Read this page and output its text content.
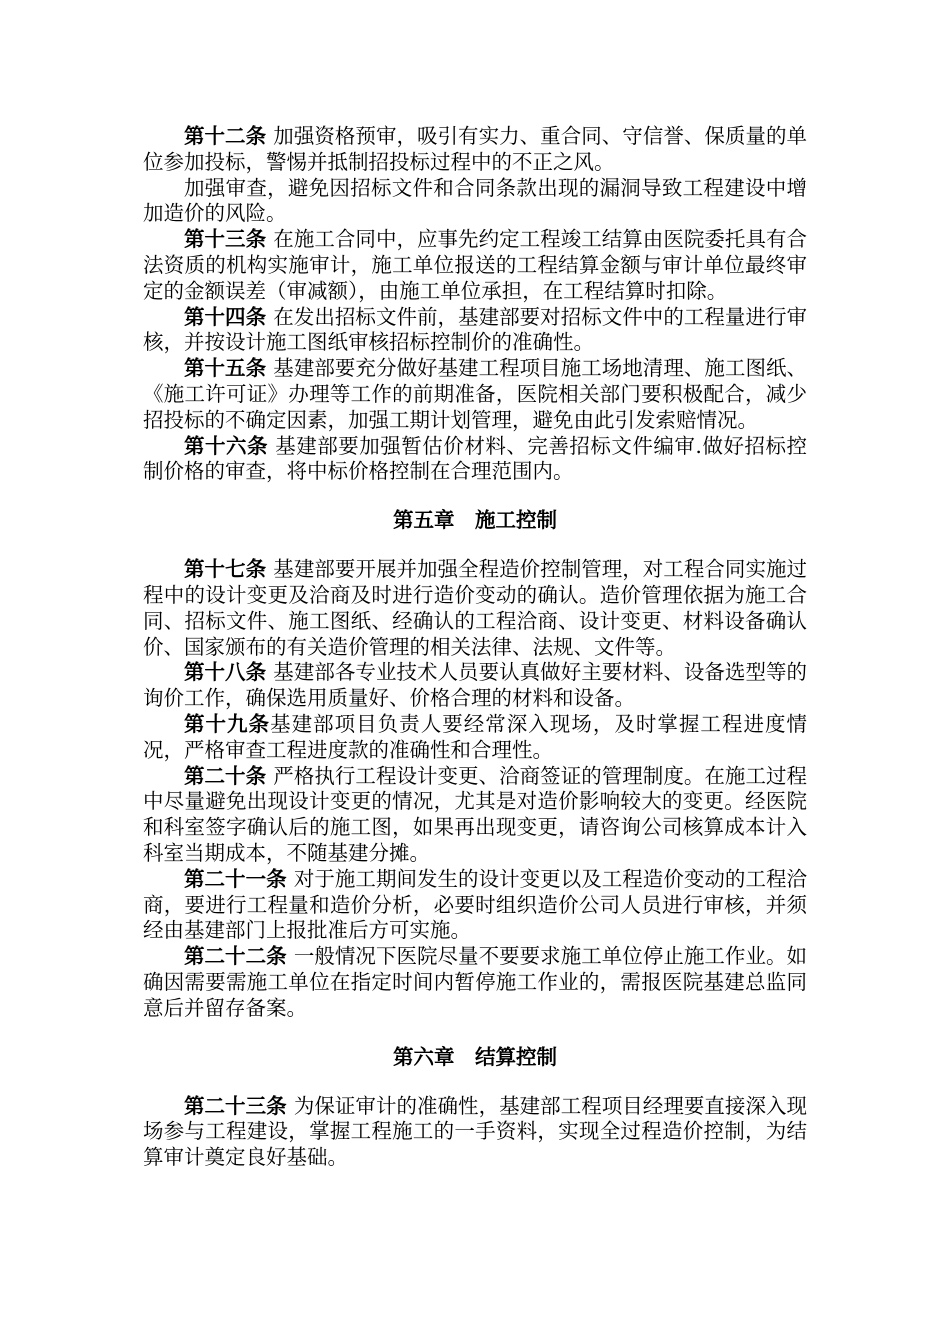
第十二条 加强资格预审，吸引有实力、重合同、守信誉、保质量的单位参加投标，警惕并抵制招投标过程中的不正之风。

加强审查，避免因招标文件和合同条款出现的漏洞导致工程建设中增加造价的风险。

第十三条 在施工合同中，应事先约定工程竣工结算由医院委托具有合法资质的机构实施审计，施工单位报送的工程结算金额与审计单位最终审定的金额误差（审减额），由施工单位承担，在工程结算时扣除。

第十四条 在发出招标文件前，基建部要对招标文件中的工程量进行审核，并按设计施工图纸审核招标控制价的准确性。

第十五条 基建部要充分做好基建工程项目施工场地清理、施工图纸、《施工许可证》办理等工作的前期准备，医院相关部门要积极配合，减少招投标的不确定因素，加强工期计划管理，避免由此引发索赔情况。

第十六条 基建部要加强暂估价材料、完善招标文件编审.做好招标控制价格的审查，将中标价格控制在合理范围内。

第五章 施工控制

第十七条 基建部要开展并加强全程造价控制管理，对工程合同实施过程中的设计变更及洽商及时进行造价变动的确认。造价管理依据为施工合同、招标文件、施工图纸、经确认的工程洽商、设计变更、材料设备确认价、国家颁布的有关造价管理的相关法律、法规、文件等。

第十八条 基建部各专业技术人员要认真做好主要材料、设备选型等的询价工作，确保选用质量好、价格合理的材料和设备。

第十九条基建部项目负责人要经常深入现场，及时掌握工程进度情况，严格审查工程进度款的准确性和合理性。

第二十条 严格执行工程设计变更、洽商签证的管理制度。在施工过程中尽量避免出现设计变更的情况，尤其是对造价影响较大的变更。经医院和科室签字确认后的施工图，如果再出现变更，请咨询公司核算成本计入科室当期成本，不随基建分摊。

第二十一条 对于施工期间发生的设计变更以及工程造价变动的工程洽商，要进行工程量和造价分析，必要时组织造价公司人员进行审核，并须经由基建部门上报批准后方可实施。

第二十二条 一般情况下医院尽量不要要求施工单位停止施工作业。如确因需要需施工单位在指定时间内暂停施工作业的，需报医院基建总监同意后并留存备案。

第六章 结算控制

第二十三条 为保证审计的准确性，基建部工程项目经理要直接深入现场参与工程建设，掌握工程施工的一手资料，实现全过程造价控制，为结算审计奠定良好基础。
